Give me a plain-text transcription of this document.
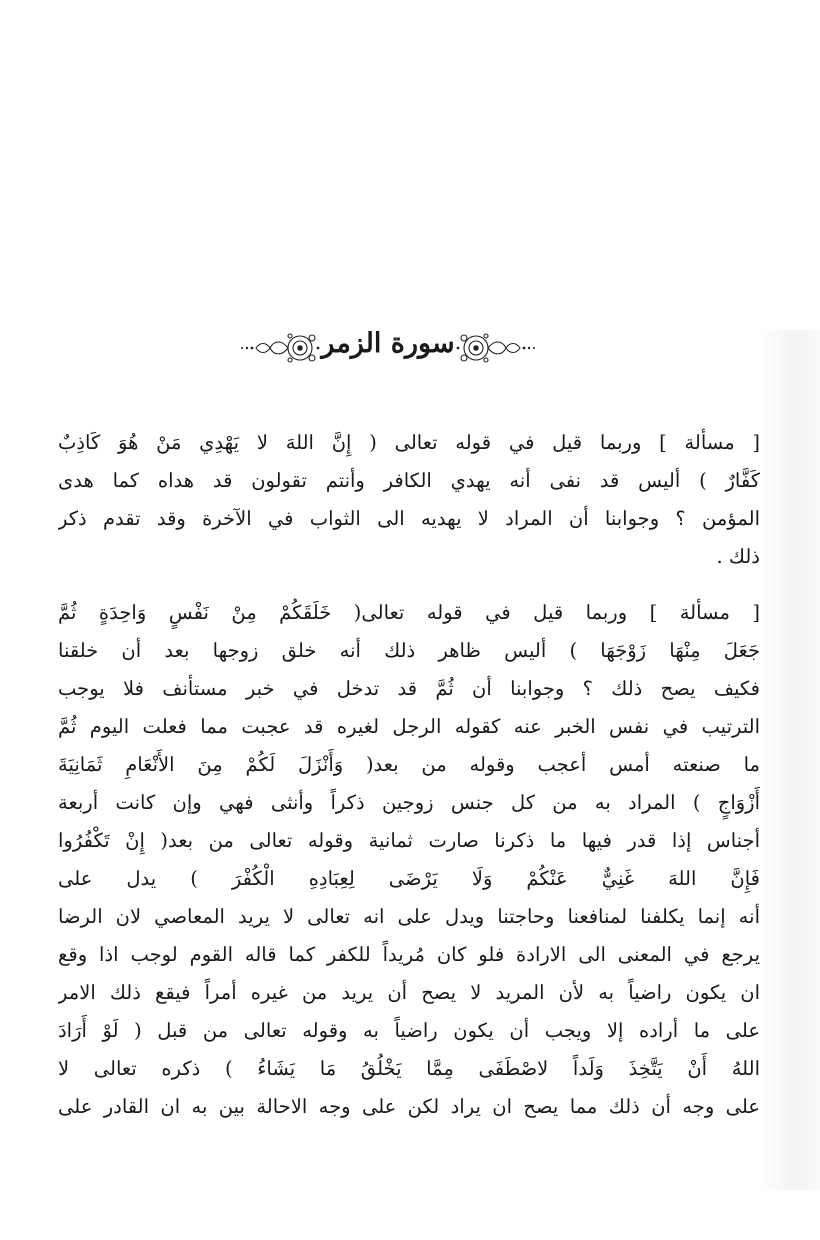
سورة الزمر
[ مسألة ] وربما قيل في قوله تعالى ( إِنَّ اللهَ لا يَهْدِي مَنْ هُوَ كَاذِبٌ
كَفَّارٌ ) أليس قد نفى أنه يهدي الكافر وأنتم تقولون قد هداه كما هدى
المؤمن ؟ وجوابنا أن المراد لا يهديه الى الثواب في الآخرة وقد تقدم ذكر
ذلك .
[ مسألة ] وربما قيل في قوله تعالى( خَلَقَكُمْ مِنْ نَفْسٍ وَاحِدَةٍ ثُمَّ
جَعَلَ مِنْهَا زَوْجَهَا ) أليس ظاهر ذلك أنه خلق زوجها بعد أن خلقنا
فكيف يصح ذلك ؟ وجوابنا أن ثُمَّ قد تدخل في خبر مستأنف فلا يوجب
الترتيب في نفس الخبر عنه كقوله الرجل لغيره قد عجبت مما فعلت اليوم ثُمَّ
ما صنعته أمس أعجب وقوله من بعد( وَأَنْزَلَ لَكُمْ مِنَ الأَنْعَامِ ثَمَانِيَةَ
أَزْوَاجٍ ) المراد به من كل جنس زوجين ذكراً وأنثى فهي وإن كانت أربعة
أجناس إذا قدر فيها ما ذكرنا صارت ثمانية وقوله تعالى من بعد( إِنْ تَكْفُرُوا
فَإِنَّ اللهَ غَنِيٌّ عَنْكُمْ وَلَا يَرْضَى لِعِبَادِهِ الْكُفْرَ ) يدل على
أنه إنما يكلفنا لمنافعنا وحاجتنا ويدل على انه تعالى لا يريد المعاصي لان الرضا
يرجع في المعنى الى الارادة فلو كان مُريداً للكفر كما قاله القوم لوجب اذا وقع
ان يكون راضياً به لأن المريد لا يصح أن يريد من غيره أمراً فيقع ذلك الامر
على ما أراده إلا ويجب أن يكون راضياً به وقوله تعالى من قبل ( لَوْ أَرَادَ
اللهُ أَنْ يَتَّخِذَ وَلَداً لاصْطَفَى مِمَّا يَخْلُقُ مَا يَشَاءُ ) ذكره تعالى لا
على وجه أن ذلك مما يصح ان يراد لكن على وجه الاحالة بين به ان القادر على
